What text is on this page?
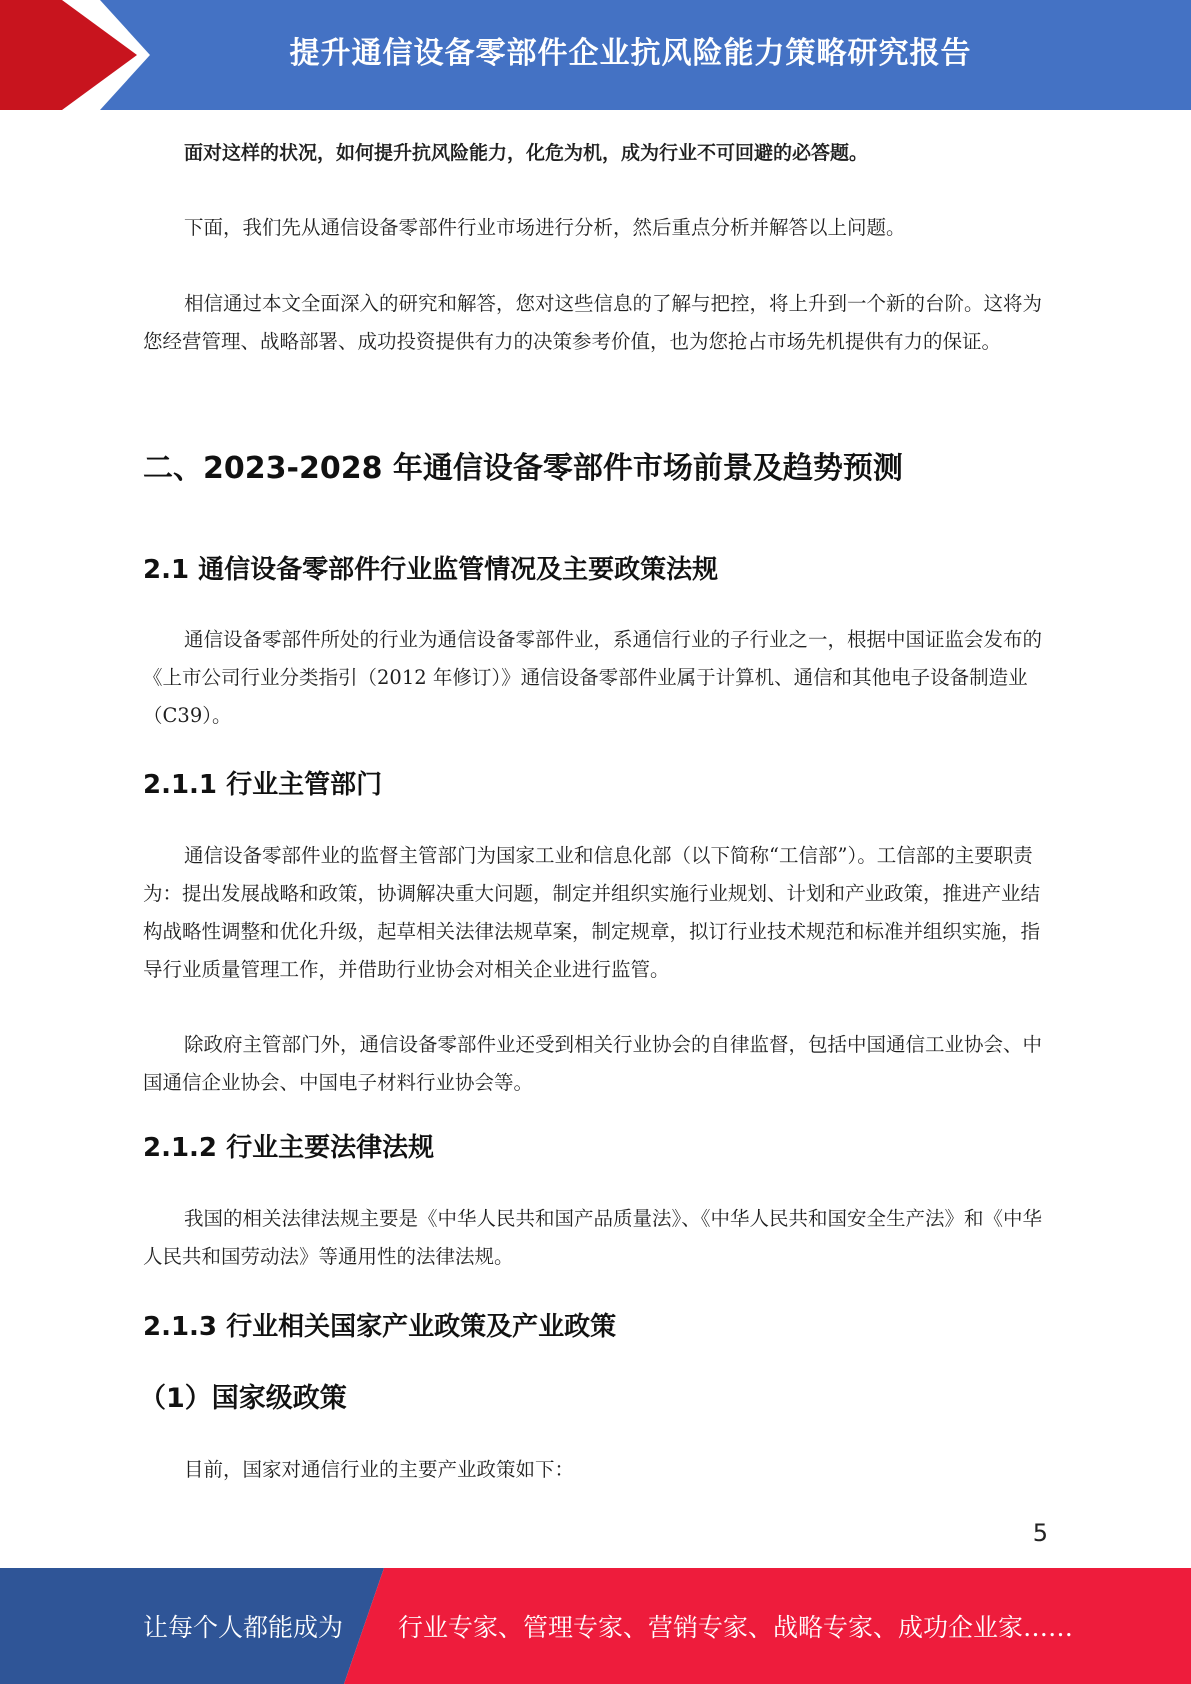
提升通信设备零部件企业抗风险能力策略研究报告

面对这样的状况，如何提升抗风险能力，化危为机，成为行业不可回避的必答题。

下面，我们先从通信设备零部件行业市场进行分析，然后重点分析并解答以上问题。

相信通过本文全面深入的研究和解答，您对这些信息的了解与把控，将上升到一个新的台阶。这将为您经营管理、战略部署、成功投资提供有力的决策参考价值，也为您抢占市场先机提供有力的保证。

二、2023-2028 年通信设备零部件市场前景及趋势预测
2.1 通信设备零部件行业监管情况及主要政策法规

通信设备零部件所处的行业为通信设备零部件业，系通信行业的子行业之一，根据中国证监会发布的《上市公司行业分类指引（2012 年修订）》通信设备零部件业属于计算机、通信和其他电子设备制造业（C39）。

2.1.1 行业主管部门

通信设备零部件业的监督主管部门为国家工业和信息化部（以下简称“工信部”）。工信部的主要职责为：提出发展战略和政策，协调解决重大问题，制定并组织实施行业规划、计划和产业政策，推进产业结构战略性调整和优化升级，起草相关法律法规草案，制定规章，拟订行业技术规范和标准并组织实施，指导行业质量管理工作，并借助行业协会对相关企业进行监管。

除政府主管部门外，通信设备零部件业还受到相关行业协会的自律监督，包括中国通信工业协会、中国通信企业协会、中国电子材料行业协会等。

2.1.2 行业主要法律法规

我国的相关法律法规主要是《中华人民共和国产品质量法》、《中华人民共和国安全生产法》和《中华人民共和国劳动法》等通用性的法律法规。

2.1.3 行业相关国家产业政策及产业政策
（1）国家级政策

目前，国家对通信行业的主要产业政策如下：

5
让每个人都能成为 行业专家、管理专家、营销专家、战略专家、成功企业家……
